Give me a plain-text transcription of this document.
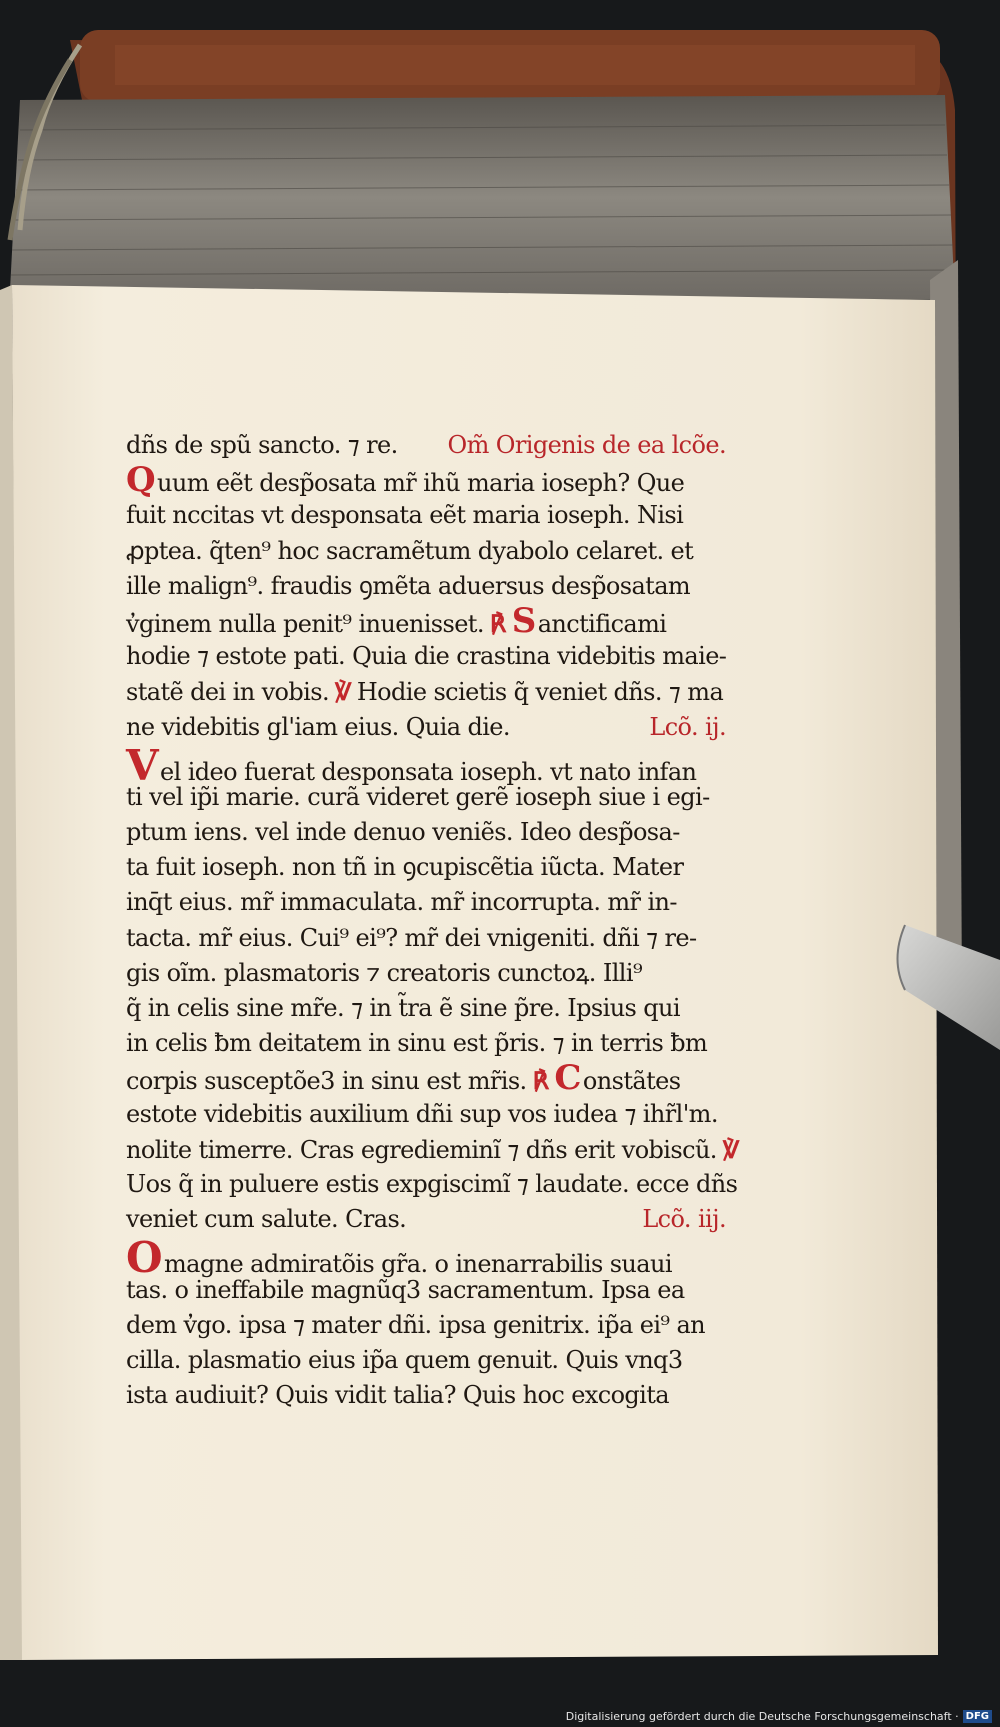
dñs de spũ sancto. ⁊ re. Om̃ Origenis de ea lcõe.
Q uum eẽt desp̃osata mr̃ ihũ maria ioseph? Que
fuit nccitas vt desponsata eẽt maria ioseph. Nisi
ꝓptea. q̃ten⁹ hoc sacramẽtum dyabolo celaret. et
ille malign⁹. fraudis ꝯmẽta aduersus desp̃osatam
v̓ginem nulla penit⁹ inuenisset. ℟ S anctificami
hodie ⁊ estote pati. Quia die crastina videbitis maie-
statẽ dei in vobis. ℣ Hodie scietis q̃ veniet dñs. ⁊ ma
ne videbitis gl'iam eius. Quia die.	Lcõ. ij.
V el ideo fuerat desponsata ioseph. vt nato infan
ti vel ip̃i marie. curã videret gerẽ ioseph siue i egi-
ptum iens. vel inde denuo veniẽs. Ideo desp̃osa-
ta fuit ioseph. non tñ in ꝯcupiscẽtia iũcta. Mater
inq̄t eius. mr̃ immaculata. mr̃ incorrupta. mr̃ in-
tacta. mr̃ eius. Cui⁹ ei⁹? mr̃ dei vnigeniti. dñi ⁊ re-
gis oĩm. plasmatoris ⁊ creatoris cunctoꝝ. Illi⁹
q̃ in celis sine mr̃e. ⁊ in t̃ra ẽ sine p̃re. Ipsius qui
in celis ƀm deitatem in sinu est p̃ris. ⁊ in terris ƀm
corpis susceptõe3 in sinu est mr̃is. ℟ C onstãtes
estote videbitis auxilium dñi sup vos iudea ⁊ ihr̃l'm.
nolite timerre. Cras egredieminĩ ⁊ dñs erit vobiscũ. ℣
Uos q̃ in puluere estis expgiscimĩ ⁊ laudate. ecce dñs
veniet cum salute. Cras.	Lcõ. iij.
O magne admiratõis gr̃a. o inenarrabilis suaui
tas. o ineffabile magnũq3 sacramentum. Ipsa ea
dem v̓go. ipsa ⁊ mater dñi. ipsa genitrix. ip̃a ei⁹ an
cilla. plasmatio eius ip̃a quem genuit. Quis vnq3
ista audiuit? Quis vidit talia? Quis hoc excogita
Digitalisierung gefördert durch die Deutsche Forschungsgemeinschaft · DFG
